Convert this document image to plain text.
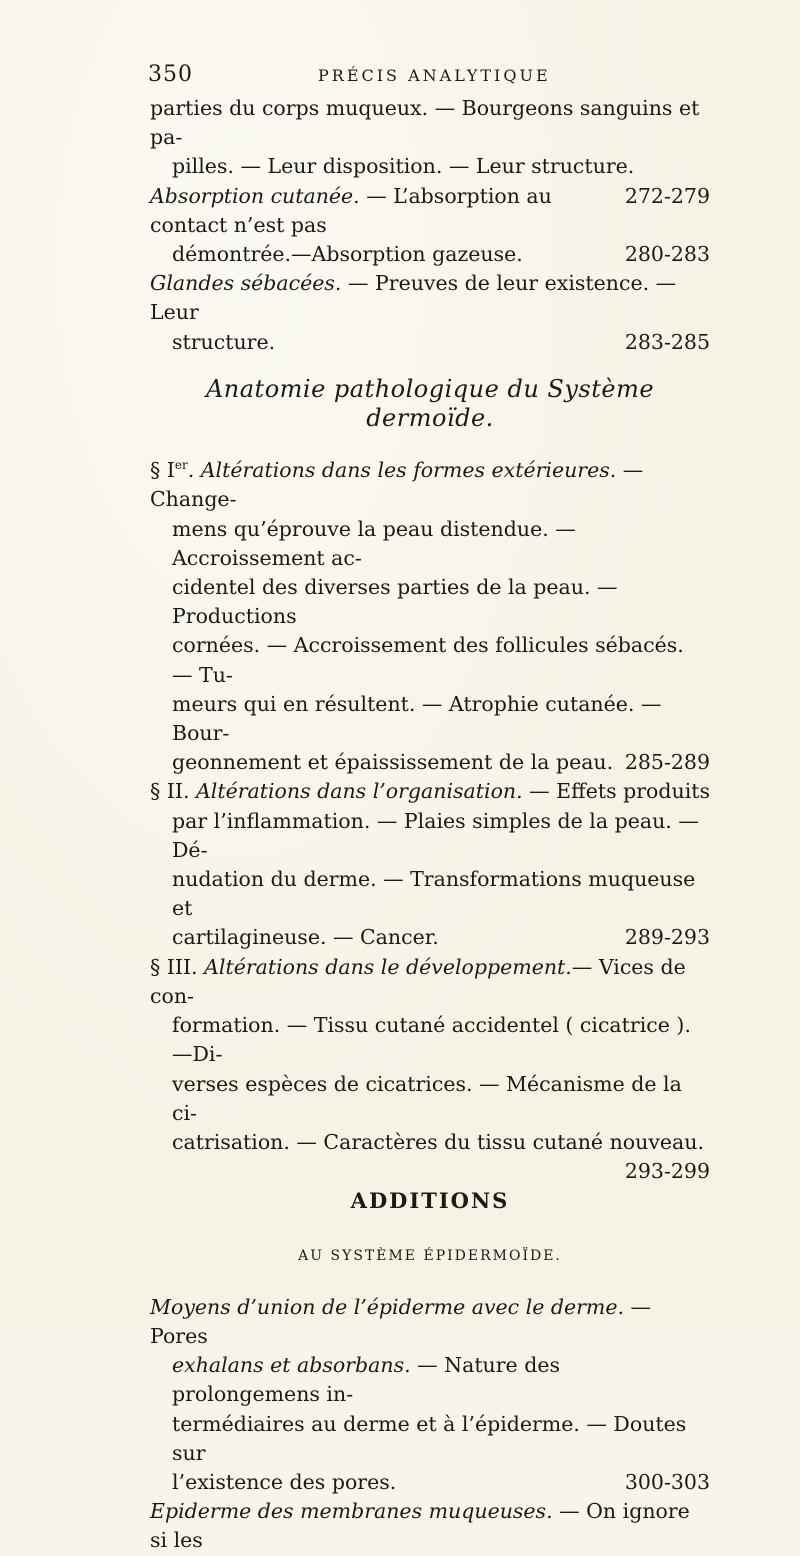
350	PRÉCIS ANALYTIQUE
parties du corps muqueux. — Bourgeons sanguins et pa-
pilles. — Leur disposition. — Leur structure.
272-279
Absorption cutanée. — L’absorption au contact n’est pas
démontrée.—Absorption gazeuse.	280-283
Glandes sébacées. — Preuves de leur existence. — Leur
structure.	283-285
Anatomie pathologique du Système dermoïde.
§ Ier. Altérations dans les formes extérieures. — Change-
mens qu’éprouve la peau distendue. —Accroissement ac-
cidentel des diverses parties de la peau. — Productions
cornées. — Accroissement des follicules sébacés. — Tu-
meurs qui en résultent. — Atrophie cutanée. — Bour-
geonnement et épaississement de la peau. 285-289
§ II. Altérations dans l’organisation. — Effets produits
par l’inflammation. — Plaies simples de la peau. — Dé-
nudation du derme. — Transformations muqueuse et
cartilagineuse. — Cancer.	289-293
§ III. Altérations dans le développement.— Vices de con-
formation. — Tissu cutané accidentel ( cicatrice ).—Di-
verses espèces de cicatrices. — Mécanisme de la ci-
catrisation. — Caractères du tissu cutané nouveau.
293-299
ADDITIONS
AU SYSTÈME ÉPIDERMOÏDE.
Moyens d’union de l’épiderme avec le derme. — Pores
exhalans et absorbans. — Nature des prolongemens in-
termédiaires au derme et à l’épiderme. — Doutes sur
l’existence des pores.	300-303
Epiderme des membranes muqueuses. — On ignore si les
